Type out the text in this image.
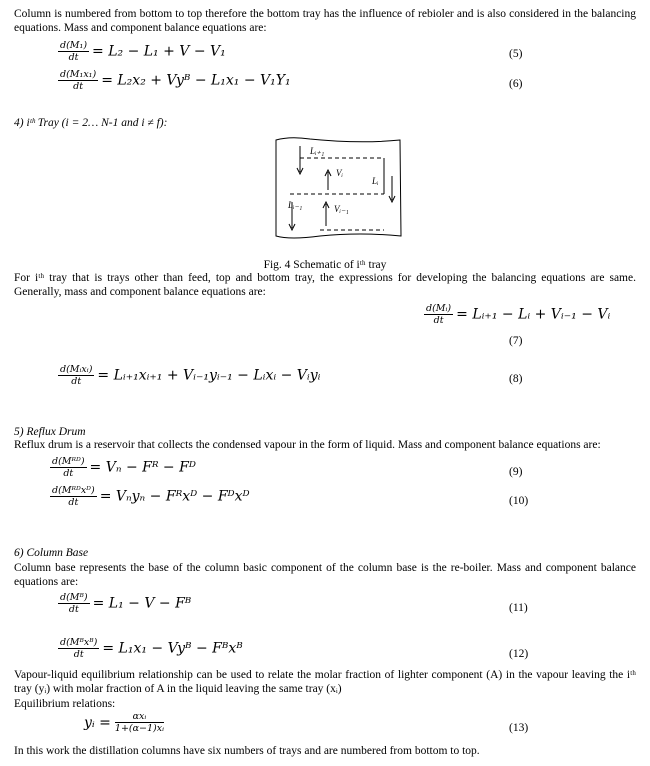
Column is numbered from bottom to top therefore the bottom tray has the influence of rebioler and is also considered in the balancing equations. Mass and component balance equations are:

$\frac{\text{d(M₁)}}{dt} = L_2 - L_1 + V - V_1$	(5)
$\frac{\text{d(M₁x₁)}}{dt} = L_2x_2$ + Vyᴮ − L₁x₁ − V₁Y₁	(6)

4) iᵗʰ Tray (i = 2… N-1 and i ≠ f):

Lᵢ₊₁
Vᵢ
Lᵢ
Lᵢ₋₁	Vᵢ₋₁

Fig. 4 Schematic of iᵗʰ tray

For iᵗʰ tray that is trays other than feed, top and bottom tray, the expressions for developing the balancing equations are same. Generally, mass and component balance equations are:

$\frac{\text{d(Mᵢ)}}{dt}$ = Lᵢ₊₁ − Lᵢ + Vᵢ₋₁ − Vᵢ
(7)
$\frac{\text{d(Mᵢxᵢ)}}{dt}$ = Lᵢ₊₁xᵢ₊₁ + Vᵢ₋₁yᵢ₋₁ − Lᵢxᵢ − Vᵢyᵢ	(8)

5) Reflux Drum

Reflux drum is a reservoir that collects the condensed vapour in the form of liquid. Mass and component balance equations are:

$\frac{\text{d(Mᴿᴰ)}}{dt} = V_n$ − Fᴿ − Fᴰ	(9)
$\frac{\text{d(Mᴿᴰxᴰ)}}{dt} = V_ny_n$ − Fᴿxᴰ − Fᴰxᴰ	(10)

6) Column Base

Column base represents the base of the column basic component of the column base is the re-boiler. Mass and component balance equations are:

$\frac{\text{d(Mᴮ)}}{dt} = L_1 - V$ − Fᴮ	(11)
$\frac{\text{d(Mᴮxᴮ)}}{dt} = L_1x_1$ − Vyᴮ − Fᴮxᴮ	(12)

Vapour-liquid equilibrium relationship can be used to relate the molar fraction of lighter component (A) in the vapour leaving the iᵗʰ tray (yᵢ) with molar fraction of A in the liquid leaving the same tray (xᵢ)

Equilibrium relations:

yᵢ = $\frac{\text{αxᵢ}}{\text{1+(α−1)xᵢ}}$	(13)

In this work the distillation columns have six numbers of trays and are numbered from bottom to top.
